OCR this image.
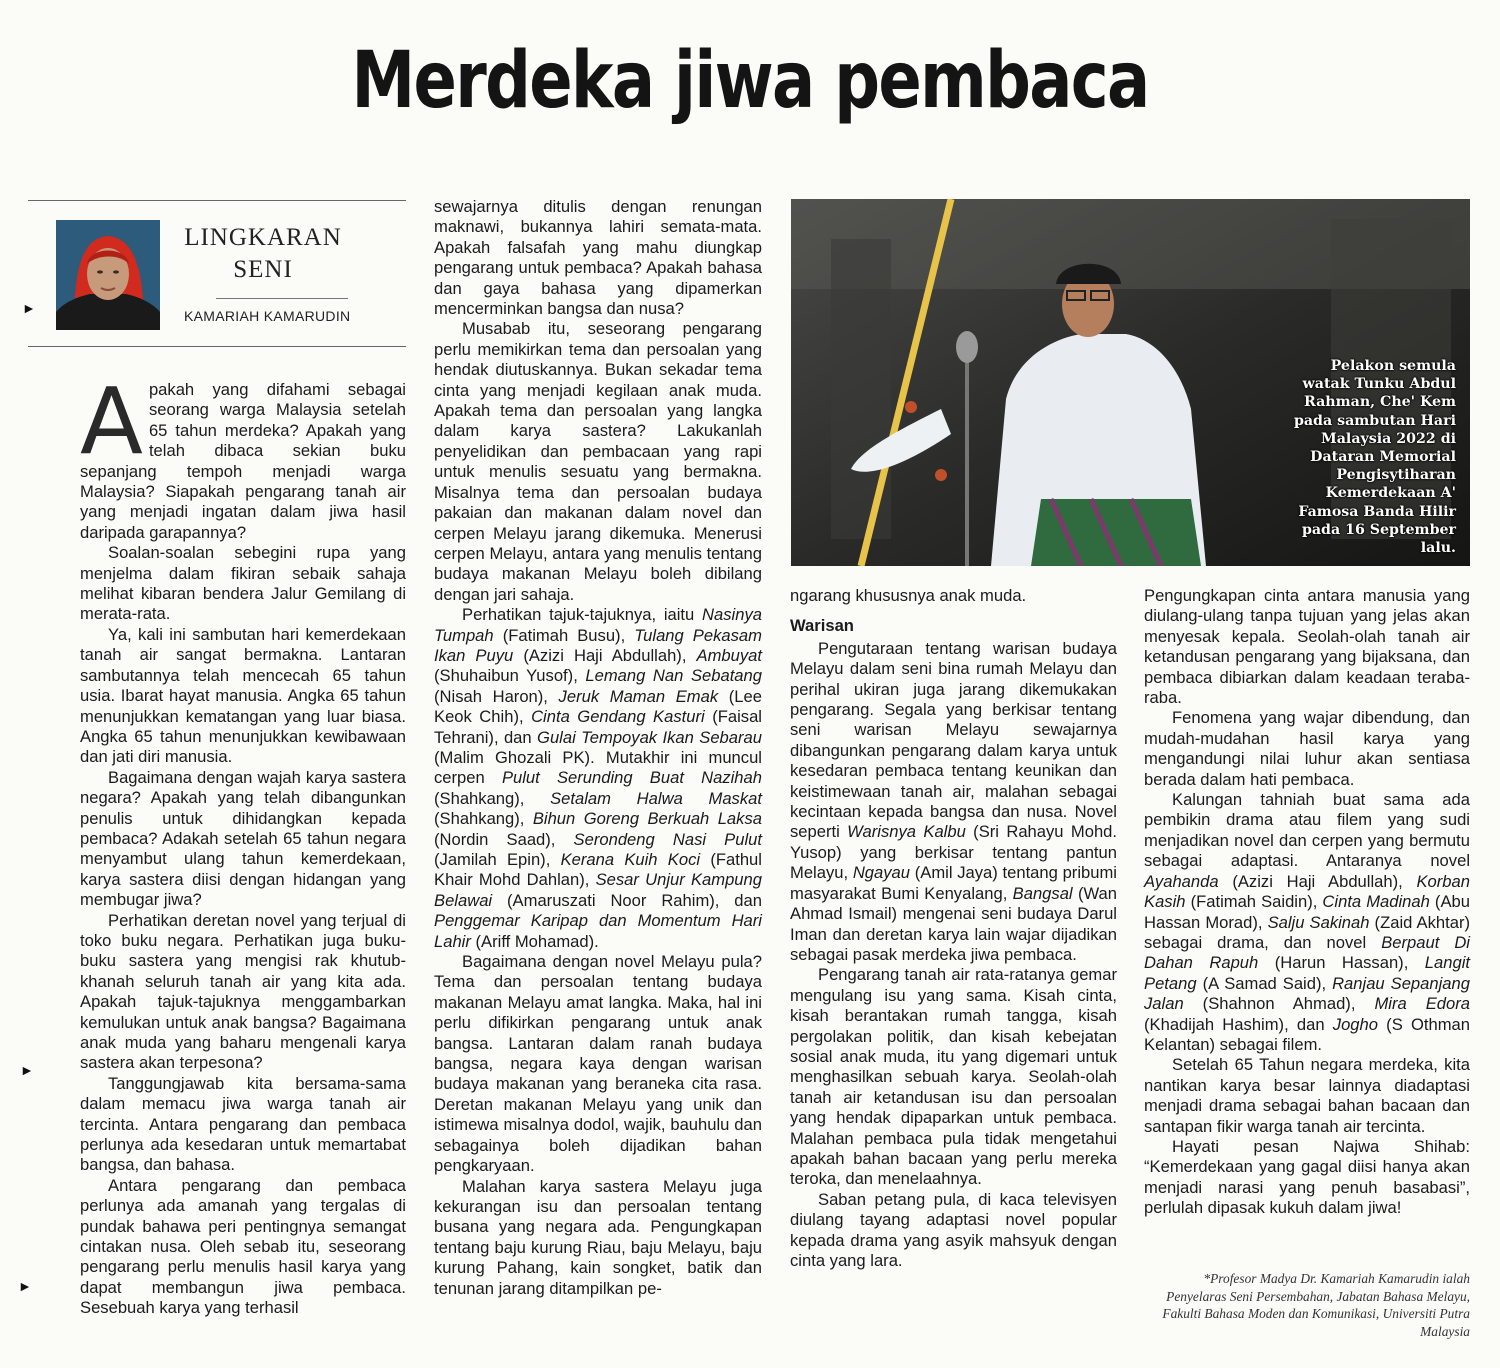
Merdeka jiwa pembaca
LINGKARAN
SENI
KAMARIAH KAMARUDIN
Pelakon semula watak Tunku Abdul Rahman, Che' Kem pada sambutan Hari Malaysia 2022 di Dataran Memorial Pengisytiharan Kemerdekaan A' Famosa Banda Hilir pada 16 September lalu.

Apakah yang difahami sebagai seorang warga Malaysia setelah 65 tahun merdeka? Apakah yang telah dibaca sekian buku sepanjang tempoh menjadi warga Malaysia? Siapakah pengarang tanah air yang menjadi ingatan dalam jiwa hasil daripada garapannya?

Soalan-soalan sebegini rupa yang menjelma dalam fikiran sebaik sahaja melihat kibaran bendera Jalur Gemilang di merata-rata.

Ya, kali ini sambutan hari kemerdekaan tanah air sangat bermakna. Lantaran sambutannya telah mencecah 65 tahun usia. Ibarat hayat manusia. Angka 65 tahun menunjukkan kematangan yang luar biasa. Angka 65 tahun menunjukkan kewibawaan dan jati diri manusia.

Bagaimana dengan wajah karya sastera negara? Apakah yang telah dibangunkan penulis untuk dihidangkan kepada pembaca? Adakah setelah 65 tahun negara menyambut ulang tahun kemerdekaan, karya sastera diisi dengan hidangan yang membugar jiwa?

Perhatikan deretan novel yang terjual di toko buku negara. Perhatikan juga buku-buku sastera yang mengisi rak khutub-khanah seluruh tanah air yang kita ada. Apakah tajuk-tajuknya menggambarkan kemulukan untuk anak bangsa? Bagaimana anak muda yang baharu mengenali karya sastera akan terpesona?

Tanggungjawab kita bersama-sama dalam memacu jiwa warga tanah air tercinta. Antara pengarang dan pembaca perlunya ada kesedaran untuk memartabat bangsa, dan bahasa.

Antara pengarang dan pembaca perlunya ada amanah yang tergalas di pundak bahawa peri pentingnya semangat cintakan nusa. Oleh sebab itu, seseorang pengarang perlu menulis hasil karya yang dapat membangun jiwa pembaca. Sesebuah karya yang terhasil

sewajarnya ditulis dengan renungan maknawi, bukannya lahiri semata-mata. Apakah falsafah yang mahu diungkap pengarang untuk pembaca? Apakah bahasa dan gaya bahasa yang dipamerkan mencerminkan bangsa dan nusa?

Musabab itu, seseorang pengarang perlu memikirkan tema dan persoalan yang hendak diutuskannya. Bukan sekadar tema cinta yang menjadi kegilaan anak muda. Apakah tema dan persoalan yang langka dalam karya sastera? Lakukanlah penyelidikan dan pembacaan yang rapi untuk menulis sesuatu yang bermakna. Misalnya tema dan persoalan budaya pakaian dan makanan dalam novel dan cerpen Melayu jarang dikemuka. Menerusi cerpen Melayu, antara yang menulis tentang budaya makanan Melayu boleh dibilang dengan jari sahaja.

Perhatikan tajuk-tajuknya, iaitu Nasinya Tumpah (Fatimah Busu), Tulang Pekasam Ikan Puyu (Azizi Haji Abdullah), Ambuyat (Shuhaibun Yusof), Lemang Nan Sebatang (Nisah Haron), Jeruk Maman Emak (Lee Keok Chih), Cinta Gendang Kasturi (Faisal Tehrani), dan Gulai Tempoyak Ikan Sebarau (Malim Ghozali PK). Mutakhir ini muncul cerpen Pulut Serunding Buat Nazihah (Shahkang), Setalam Halwa Maskat (Shahkang), Bihun Goreng Berkuah Laksa (Nordin Saad), Serondeng Nasi Pulut (Jamilah Epin), Kerana Kuih Koci (Fathul Khair Mohd Dahlan), Sesar Unjur Kampung Belawai (Amaruszati Noor Rahim), dan Penggemar Karipap dan Momentum Hari Lahir (Ariff Mohamad).

Bagaimana dengan novel Melayu pula? Tema dan persoalan tentang budaya makanan Melayu amat langka. Maka, hal ini perlu difikirkan pengarang untuk anak bangsa. Lantaran dalam ranah budaya bangsa, negara kaya dengan warisan budaya makanan yang beraneka cita rasa. Deretan makanan Melayu yang unik dan istimewa misalnya dodol, wajik, bauhulu dan sebagainya boleh dijadikan bahan pengkaryaan.

Malahan karya sastera Melayu juga kekurangan isu dan persoalan tentang busana yang negara ada. Pengungkapan tentang baju kurung Riau, baju Melayu, baju kurung Pahang, kain songket, batik dan tenunan jarang ditampilkan pe-

ngarang khususnya anak muda.

Warisan

Pengutaraan tentang warisan budaya Melayu dalam seni bina rumah Melayu dan perihal ukiran juga jarang dikemukakan pengarang. Segala yang berkisar tentang seni warisan Melayu sewajarnya dibangunkan pengarang dalam karya untuk kesedaran pembaca tentang keunikan dan keistimewaan tanah air, malahan sebagai kecintaan kepada bangsa dan nusa. Novel seperti Warisnya Kalbu (Sri Rahayu Mohd. Yusop) yang berkisar tentang pantun Melayu, Ngayau (Amil Jaya) tentang pribumi masyarakat Bumi Kenyalang, Bangsal (Wan Ahmad Ismail) mengenai seni budaya Darul Iman dan deretan karya lain wajar dijadikan sebagai pasak merdeka jiwa pembaca.

Pengarang tanah air rata-ratanya gemar mengulang isu yang sama. Kisah cinta, kisah berantakan rumah tangga, kisah pergolakan politik, dan kisah kebejatan sosial anak muda, itu yang digemari untuk menghasilkan sebuah karya. Seolah-olah tanah air ketandusan isu dan persoalan yang hendak dipaparkan untuk pembaca. Malahan pembaca pula tidak mengetahui apakah bahan bacaan yang perlu mereka teroka, dan menelaahnya.

Saban petang pula, di kaca televisyen diulang tayang adaptasi novel popular kepada drama yang asyik mahsyuk dengan cinta yang lara.

Pengungkapan cinta antara manusia yang diulang-ulang tanpa tujuan yang jelas akan menyesak kepala. Seolah-olah tanah air ketandusan pengarang yang bijaksana, dan pembaca dibiarkan dalam keadaan teraba-raba.

Fenomena yang wajar dibendung, dan mudah-mudahan hasil karya yang mengandungi nilai luhur akan sentiasa berada dalam hati pembaca.

Kalungan tahniah buat sama ada pembikin drama atau filem yang sudi menjadikan novel dan cerpen yang bermutu sebagai adaptasi. Antaranya novel Ayahanda (Azizi Haji Abdullah), Korban Kasih (Fatimah Saidin), Cinta Madinah (Abu Hassan Morad), Salju Sakinah (Zaid Akhtar) sebagai drama, dan novel Berpaut Di Dahan Rapuh (Harun Hassan), Langit Petang (A Samad Said), Ranjau Sepanjang Jalan (Shahnon Ahmad), Mira Edora (Khadijah Hashim), dan Jogho (S Othman Kelantan) sebagai filem.

Setelah 65 Tahun negara merdeka, kita nantikan karya besar lainnya diadaptasi menjadi drama sebagai bahan bacaan dan santapan fikir warga tanah air tercinta.

Hayati pesan Najwa Shihab: “Kemerdekaan yang gagal diisi hanya akan menjadi narasi yang penuh basabasi”, perlulah dipasak kukuh dalam jiwa!

*Profesor Madya Dr. Kamariah Kamarudin ialah Penyelaras Seni Persembahan, Jabatan Bahasa Melayu, Fakulti Bahasa Moden dan Komunikasi, Universiti Putra Malaysia
►
►
►
